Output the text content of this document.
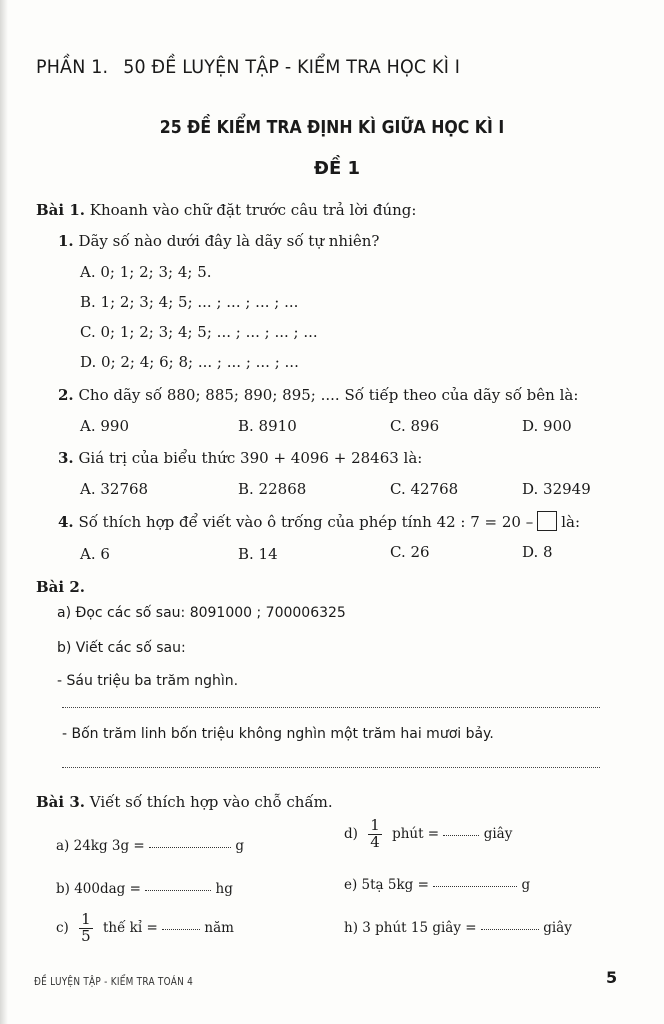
PHẦN 1. 50 ĐỀ LUYỆN TẬP - KIỂM TRA HỌC KÌ I
25 ĐỀ KIỂM TRA ĐỊNH KÌ GIỮA HỌC KÌ I
ĐỀ 1
Bài 1. Khoanh vào chữ đặt trước câu trả lời đúng:
1. Dãy số nào dưới đây là dãy số tự nhiên?
A. 0; 1; 2; 3; 4; 5.
B. 1; 2; 3; 4; 5; ... ; ... ; ... ; ...
C. 0; 1; 2; 3; 4; 5; ... ; ... ; ... ; ...
D. 0; 2; 4; 6; 8; ... ; ... ; ... ; ...
2. Cho dãy số 880; 885; 890; 895; .... Số tiếp theo của dãy số bên là:
A. 990	B. 8910	C. 896	D. 900
3. Giá trị của biểu thức 390 + 4096 + 28463 là:
A. 32768	B. 22868	C. 42768	D. 32949
4. Số thích hợp để viết vào ô trống của phép tính 42 : 7 = 20 – là:
A. 6	B. 14	C. 26	D. 8
Bài 2.
a) Đọc các số sau: 8091000 ; 700006325
b) Viết các số sau:
- Sáu triệu ba trăm nghìn.
- Bốn trăm linh bốn triệu không nghìn một trăm hai mươi bảy.
Bài 3. Viết số thích hợp vào chỗ chấm.
a) 24kg 3g =	g
b) 400dag =	hg
$c) \frac{1}{5}$ thế kỉ =	năm
$d) \frac{1}{4}$ phút =	giây
e) 5tạ 5kg =	g
h) 3 phút 15 giây =	giây
ĐỀ LUYỆN TẬP - KIỂM TRA TOÁN 4	5
